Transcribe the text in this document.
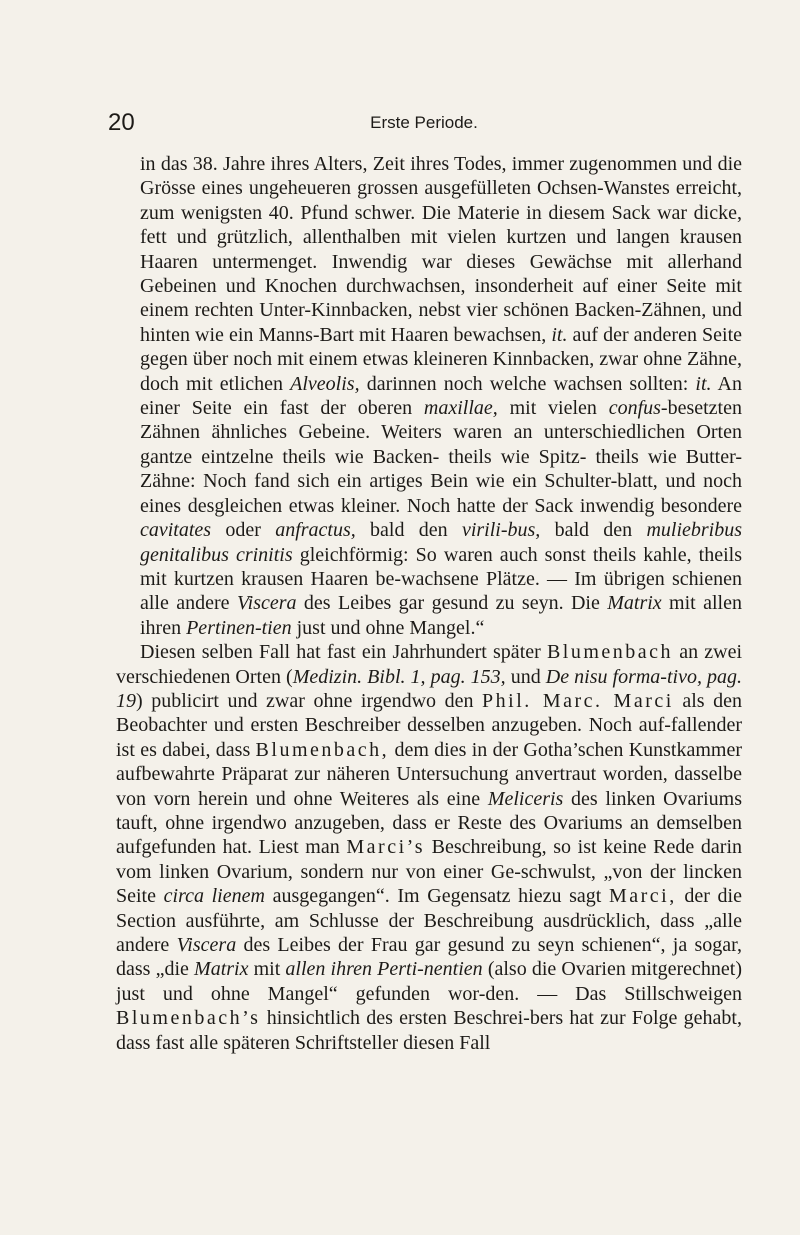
20	Erste Periode.

in das 38. Jahre ihres Alters, Zeit ihres Todes, immer zugenommen und die Grösse eines ungeheueren grossen ausgefülleten Ochsen-Wanstes erreicht, zum wenigsten 40. Pfund schwer. Die Materie in diesem Sack war dicke, fett und grützlich, allenthalben mit vielen kurtzen und langen krausen Haaren untermenget. Inwendig war dieses Gewächse mit allerhand Gebeinen und Knochen durchwachsen, insonderheit auf einer Seite mit einem rechten Unter-Kinnbacken, nebst vier schönen Backen-Zähnen, und hinten wie ein Manns-Bart mit Haaren bewachsen, it. auf der anderen Seite gegen über noch mit einem etwas kleineren Kinnbacken, zwar ohne Zähne, doch mit etlichen Alveolis, darinnen noch welche wachsen sollten: it. An einer Seite ein fast der oberen maxillae, mit vielen confus-besetzten Zähnen ähnliches Gebeine. Weiters waren an unterschiedlichen Orten gantze eintzelne theils wie Backen- theils wie Spitz- theils wie Butter-Zähne: Noch fand sich ein artiges Bein wie ein Schulter-blatt, und noch eines desgleichen etwas kleiner. Noch hatte der Sack inwendig besondere cavitates oder anfractus, bald den virili-bus, bald den muliebribus genitalibus crinitis gleichförmig: So waren auch sonst theils kahle, theils mit kurtzen krausen Haaren be-wachsene Plätze. — Im übrigen schienen alle andere Viscera des Leibes gar gesund zu seyn. Die Matrix mit allen ihren Pertinen-tien just und ohne Mangel.“

Diesen selben Fall hat fast ein Jahrhundert später Blumenbach an zwei verschiedenen Orten (Medizin. Bibl. 1, pag. 153, und De nisu forma-tivo, pag. 19) publicirt und zwar ohne irgendwo den Phil. Marc. Marci als den Beobachter und ersten Beschreiber desselben anzugeben. Noch auf-fallender ist es dabei, dass Blumenbach, dem dies in der Gotha’schen Kunstkammer aufbewahrte Präparat zur näheren Untersuchung anvertraut worden, dasselbe von vorn herein und ohne Weiteres als eine Meliceris des linken Ovariums tauft, ohne irgendwo anzugeben, dass er Reste des Ovariums an demselben aufgefunden hat. Liest man Marci’s Beschreibung, so ist keine Rede darin vom linken Ovarium, sondern nur von einer Ge-schwulst, „von der lincken Seite circa lienem ausgegangen“. Im Gegensatz hiezu sagt Marci, der die Section ausführte, am Schlusse der Beschreibung ausdrücklich, dass „alle andere Viscera des Leibes der Frau gar gesund zu seyn schienen“, ja sogar, dass „die Matrix mit allen ihren Perti-nentien (also die Ovarien mitgerechnet) just und ohne Mangel“ gefunden wor-den. — Das Stillschweigen Blumenbach’s hinsichtlich des ersten Beschrei-bers hat zur Folge gehabt, dass fast alle späteren Schriftsteller diesen Fall
